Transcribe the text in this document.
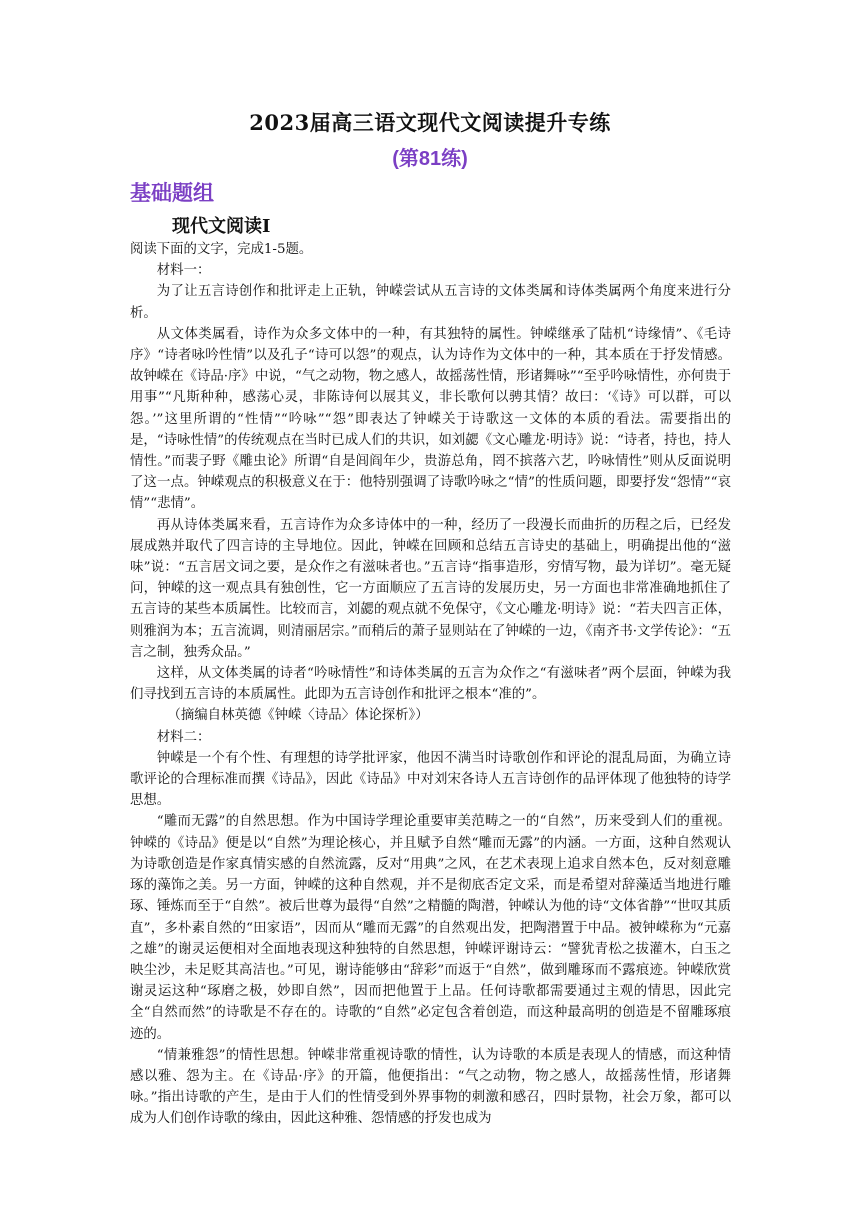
2023届高三语文现代文阅读提升专练
(第81练)
基础题组
现代文阅读Ⅰ

阅读下面的文字，完成1-5题。

材料一：

为了让五言诗创作和批评走上正轨，钟嵘尝试从五言诗的文体类属和诗体类属两个角度来进行分析。

从文体类属看，诗作为众多文体中的一种，有其独特的属性。钟嵘继承了陆机“诗缘情”、《毛诗序》“诗者咏吟性情”以及孔子“诗可以怨”的观点，认为诗作为文体中的一种，其本质在于抒发情感。故钟嵘在《诗品·序》中说，“气之动物，物之感人，故摇荡性情，形诸舞咏”“至乎吟咏情性，亦何贵于用事”“凡斯种种，感荡心灵，非陈诗何以展其义，非长歌何以骋其情？故曰：‘《诗》可以群，可以怨。’”这里所谓的“性情”“吟咏”“怨”即表达了钟嵘关于诗歌这一文体的本质的看法。需要指出的是，“诗咏性情”的传统观点在当时已成人们的共识，如刘勰《文心雕龙·明诗》说：“诗者，持也，持人情性。”而裴子野《雕虫论》所谓“自是闾阎年少，贵游总角，罔不摈落六艺，吟咏情性”则从反面说明了这一点。钟嵘观点的积极意义在于：他特别强调了诗歌吟咏之“情”的性质问题，即要抒发“怨情”“哀情”“悲情”。

再从诗体类属来看，五言诗作为众多诗体中的一种，经历了一段漫长而曲折的历程之后，已经发展成熟并取代了四言诗的主导地位。因此，钟嵘在回顾和总结五言诗史的基础上，明确提出他的“滋味”说：“五言居文词之要，是众作之有滋味者也。”五言诗“指事造形，穷情写物，最为详切”。毫无疑问，钟嵘的这一观点具有独创性，它一方面顺应了五言诗的发展历史，另一方面也非常准确地抓住了五言诗的某些本质属性。比较而言，刘勰的观点就不免保守，《文心雕龙·明诗》说：“若夫四言正体，则雅润为本；五言流调，则清丽居宗。”而稍后的萧子显则站在了钟嵘的一边，《南齐书·文学传论》：“五言之制，独秀众品。”

这样，从文体类属的诗者“吟咏情性”和诗体类属的五言为众作之“有滋味者”两个层面，钟嵘为我们寻找到五言诗的本质属性。此即为五言诗创作和批评之根本“准的”。

（摘编自林英德《钟嵘〈诗品〉体论探析》）

材料二：

钟嵘是一个有个性、有理想的诗学批评家，他因不满当时诗歌创作和评论的混乱局面，为确立诗歌评论的合理标准而撰《诗品》，因此《诗品》中对刘宋各诗人五言诗创作的品评体现了他独特的诗学思想。

“雕而无露”的自然思想。作为中国诗学理论重要审美范畴之一的“自然”，历来受到人们的重视。钟嵘的《诗品》便是以“自然”为理论核心，并且赋予自然“雕而无露”的内涵。一方面，这种自然观认为诗歌创造是作家真情实感的自然流露，反对“用典”之风，在艺术表现上追求自然本色，反对刻意雕琢的藻饰之美。另一方面，钟嵘的这种自然观，并不是彻底否定文采，而是希望对辞藻适当地进行雕琢、锤炼而至于“自然”。被后世尊为最得“自然”之精髓的陶潜，钟嵘认为他的诗“文体省静”“世叹其质直”，多朴素自然的“田家语”，因而从“雕而无露”的自然观出发，把陶潜置于中品。被钟嵘称为“元嘉之雄”的谢灵运便相对全面地表现这种独特的自然思想，钟嵘评谢诗云：“譬犹青松之拔灌木，白玉之映尘沙，未足贬其高洁也。”可见，谢诗能够由“辞彩”而返于“自然”，做到雕琢而不露痕迹。钟嵘欣赏谢灵运这种“琢磨之极，妙即自然”，因而把他置于上品。任何诗歌都需要通过主观的情思，因此完全“自然而然”的诗歌是不存在的。诗歌的“自然”必定包含着创造，而这种最高明的创造是不留雕琢痕迹的。

“情兼雅怨”的情性思想。钟嵘非常重视诗歌的情性，认为诗歌的本质是表现人的情感，而这种情感以雅、怨为主。在《诗品·序》的开篇，他便指出：“气之动物，物之感人，故摇荡性情，形诸舞咏。”指出诗歌的产生，是由于人们的性情受到外界事物的刺激和感召，四时景物，社会万象，都可以成为人们创作诗歌的缘由，因此这种雅、怨情感的抒发也成为
